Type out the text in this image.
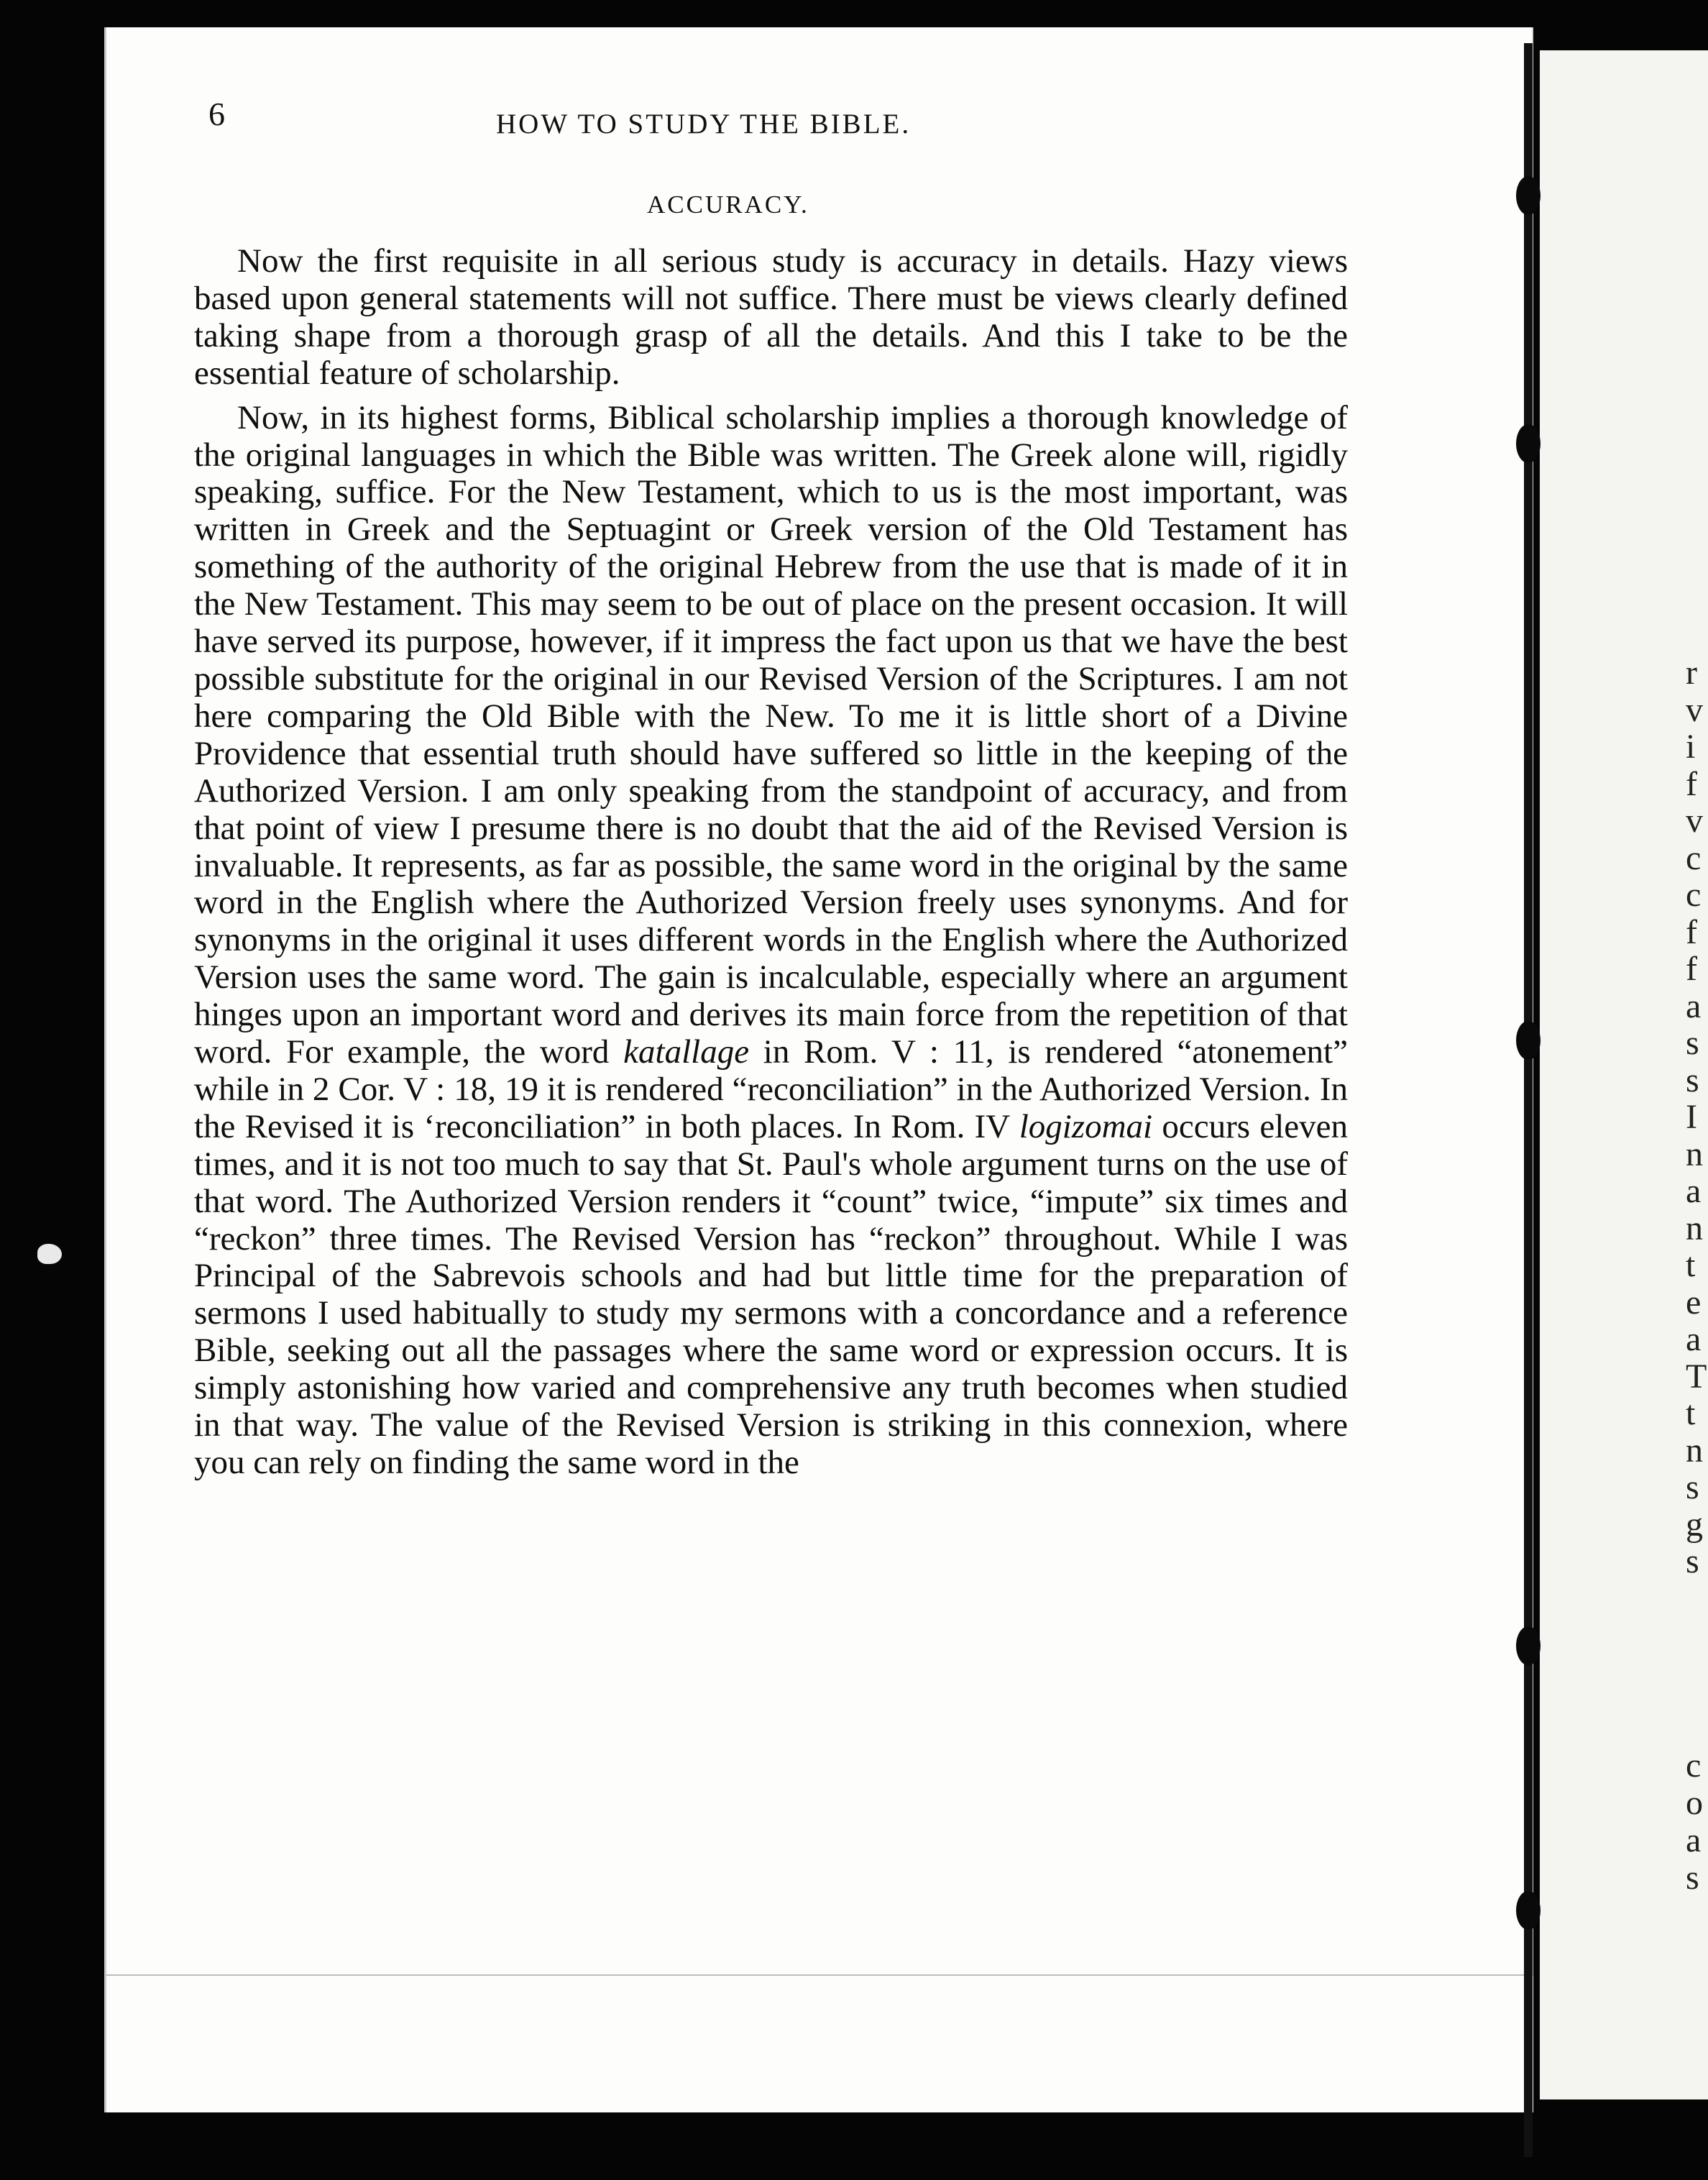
6	HOW TO STUDY THE BIBLE.
ACCURACY.

Now the first requisite in all serious study is accuracy in details. Hazy views based upon general statements will not suffice. There must be views clearly defined taking shape from a thorough grasp of all the details. And this I take to be the essential feature of scholarship.

Now, in its highest forms, Biblical scholarship implies a thorough knowledge of the original languages in which the Bible was written. The Greek alone will, rigidly speaking, suffice. For the New Testament, which to us is the most important, was written in Greek and the Septuagint or Greek version of the Old Testament has something of the authority of the original Hebrew from the use that is made of it in the New Testament. This may seem to be out of place on the present occasion. It will have served its purpose, however, if it impress the fact upon us that we have the best possible substitute for the original in our Revised Version of the Scriptures. I am not here comparing the Old Bible with the New. To me it is little short of a Divine Providence that essential truth should have suffered so little in the keeping of the Authorized Version. I am only speaking from the standpoint of accuracy, and from that point of view I presume there is no doubt that the aid of the Revised Version is invaluable. It represents, as far as possible, the same word in the original by the same word in the English where the Authorized Version freely uses synonyms. And for synonyms in the original it uses different words in the English where the Authorized Version uses the same word. The gain is incalculable, especially where an argument hinges upon an important word and derives its main force from the repetition of that word. For example, the word katallage in Rom. V : 11, is rendered “atonement” while in 2 Cor. V : 18, 19 it is rendered “reconciliation” in the Authorized Version. In the Revised it is ‘reconciliation” in both places. In Rom. IV logizomai occurs eleven times, and it is not too much to say that St. Paul's whole argument turns on the use of that word. The Authorized Version renders it “count” twice, “impute” six times and “reckon” three times. The Revised Version has “reckon” throughout. While I was Principal of the Sabrevois schools and had but little time for the preparation of sermons I used habitually to study my sermons with a concordance and a reference Bible, seeking out all the passages where the same word or expression occurs. It is simply astonishing how varied and comprehensive any truth becomes when studied in that way. The value of the Revised Version is striking in this connexion, where you can rely on finding the same word in the

r
v
i
f
v
c
c
f
f
a
s
s
I
n
a
n
t
e
a
T
t
n
s
g
s
c
o
a
s
